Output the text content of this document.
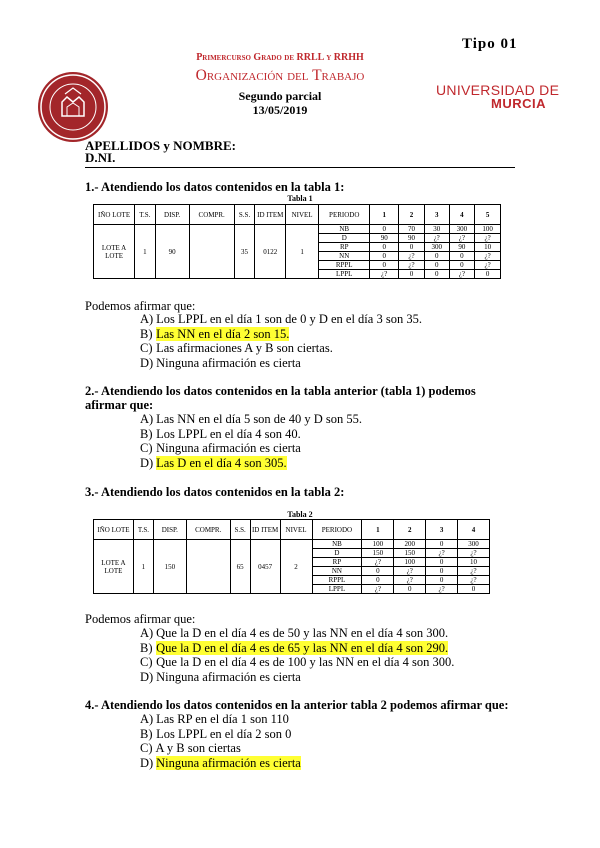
Tipo 01
Primercurso Grado de RRLL y RRHH
Organización del Trabajo
Segundo parcial
13/05/2019
UNIVERSIDAD DE
MURCIA
APELLIDOS y NOMBRE:
D.NI.
1.- Atendiendo los datos contenidos en la tabla 1:
Tabla 1
IÑO LOTE	T.S.	DISP.	COMPR.	S.S.	ID ITEM	NIVEL	PERIODO	1	2	3	4	5
LOTE A LOTE	1	90		35	0122	1	NB	0	70	30	300	100
							D	90	90	¿?	¿?	¿?
							RP	0	0	300	90	10
							NN	0	¿?	0	0	¿?
							RPPL	0	¿?	0	0	¿?
							LPPL	¿?	0	0	¿?	0
Podemos afirmar que:
A) Los LPPL en el día 1 son de 0 y D en el día 3 son 35.
B) Las NN en el día 2 son 15.
C) Las afirmaciones A y B son ciertas.
D) Ninguna afirmación es cierta
2.- Atendiendo los datos contenidos en la tabla anterior (tabla 1) podemos afirmar que:
A) Las NN en el día 5 son de 40 y D son 55.
B) Los LPPL en el día 4 son 40.
C) Ninguna afirmación es cierta
D) Las D en el día 4 son 305.
3.- Atendiendo los datos contenidos en la tabla 2:
Tabla 2
IÑO LOTE	T.S.	DISP.	COMPR.	S.S.	ID ITEM	NIVEL	PERIODO	1	2	3	4
LOTE A LOTE	1	150		65	0457	2	NB	100	200	0	300
							D	150	150	¿?	¿?
							RP	¿?	100	0	10
							NN	0	¿?	0	¿?
							RPPL	0	¿?	0	¿?
							LPPL	¿?	0	¿?	0
Podemos afirmar que:
A) Que la D en el día 4 es de 50 y las NN en el día 4 son 300.
B) Que la D en el día 4 es de 65 y las NN en el día 4 son 290.
C) Que la D en el día 4 es de 100 y las NN en el día 4 son 300.
D) Ninguna afirmación es cierta
4.- Atendiendo los datos contenidos en la anterior tabla 2 podemos afirmar que:
A) Las RP en el día 1 son 110
B) Los LPPL en el día 2 son 0
C) A y B son ciertas
D) Ninguna afirmación es cierta
